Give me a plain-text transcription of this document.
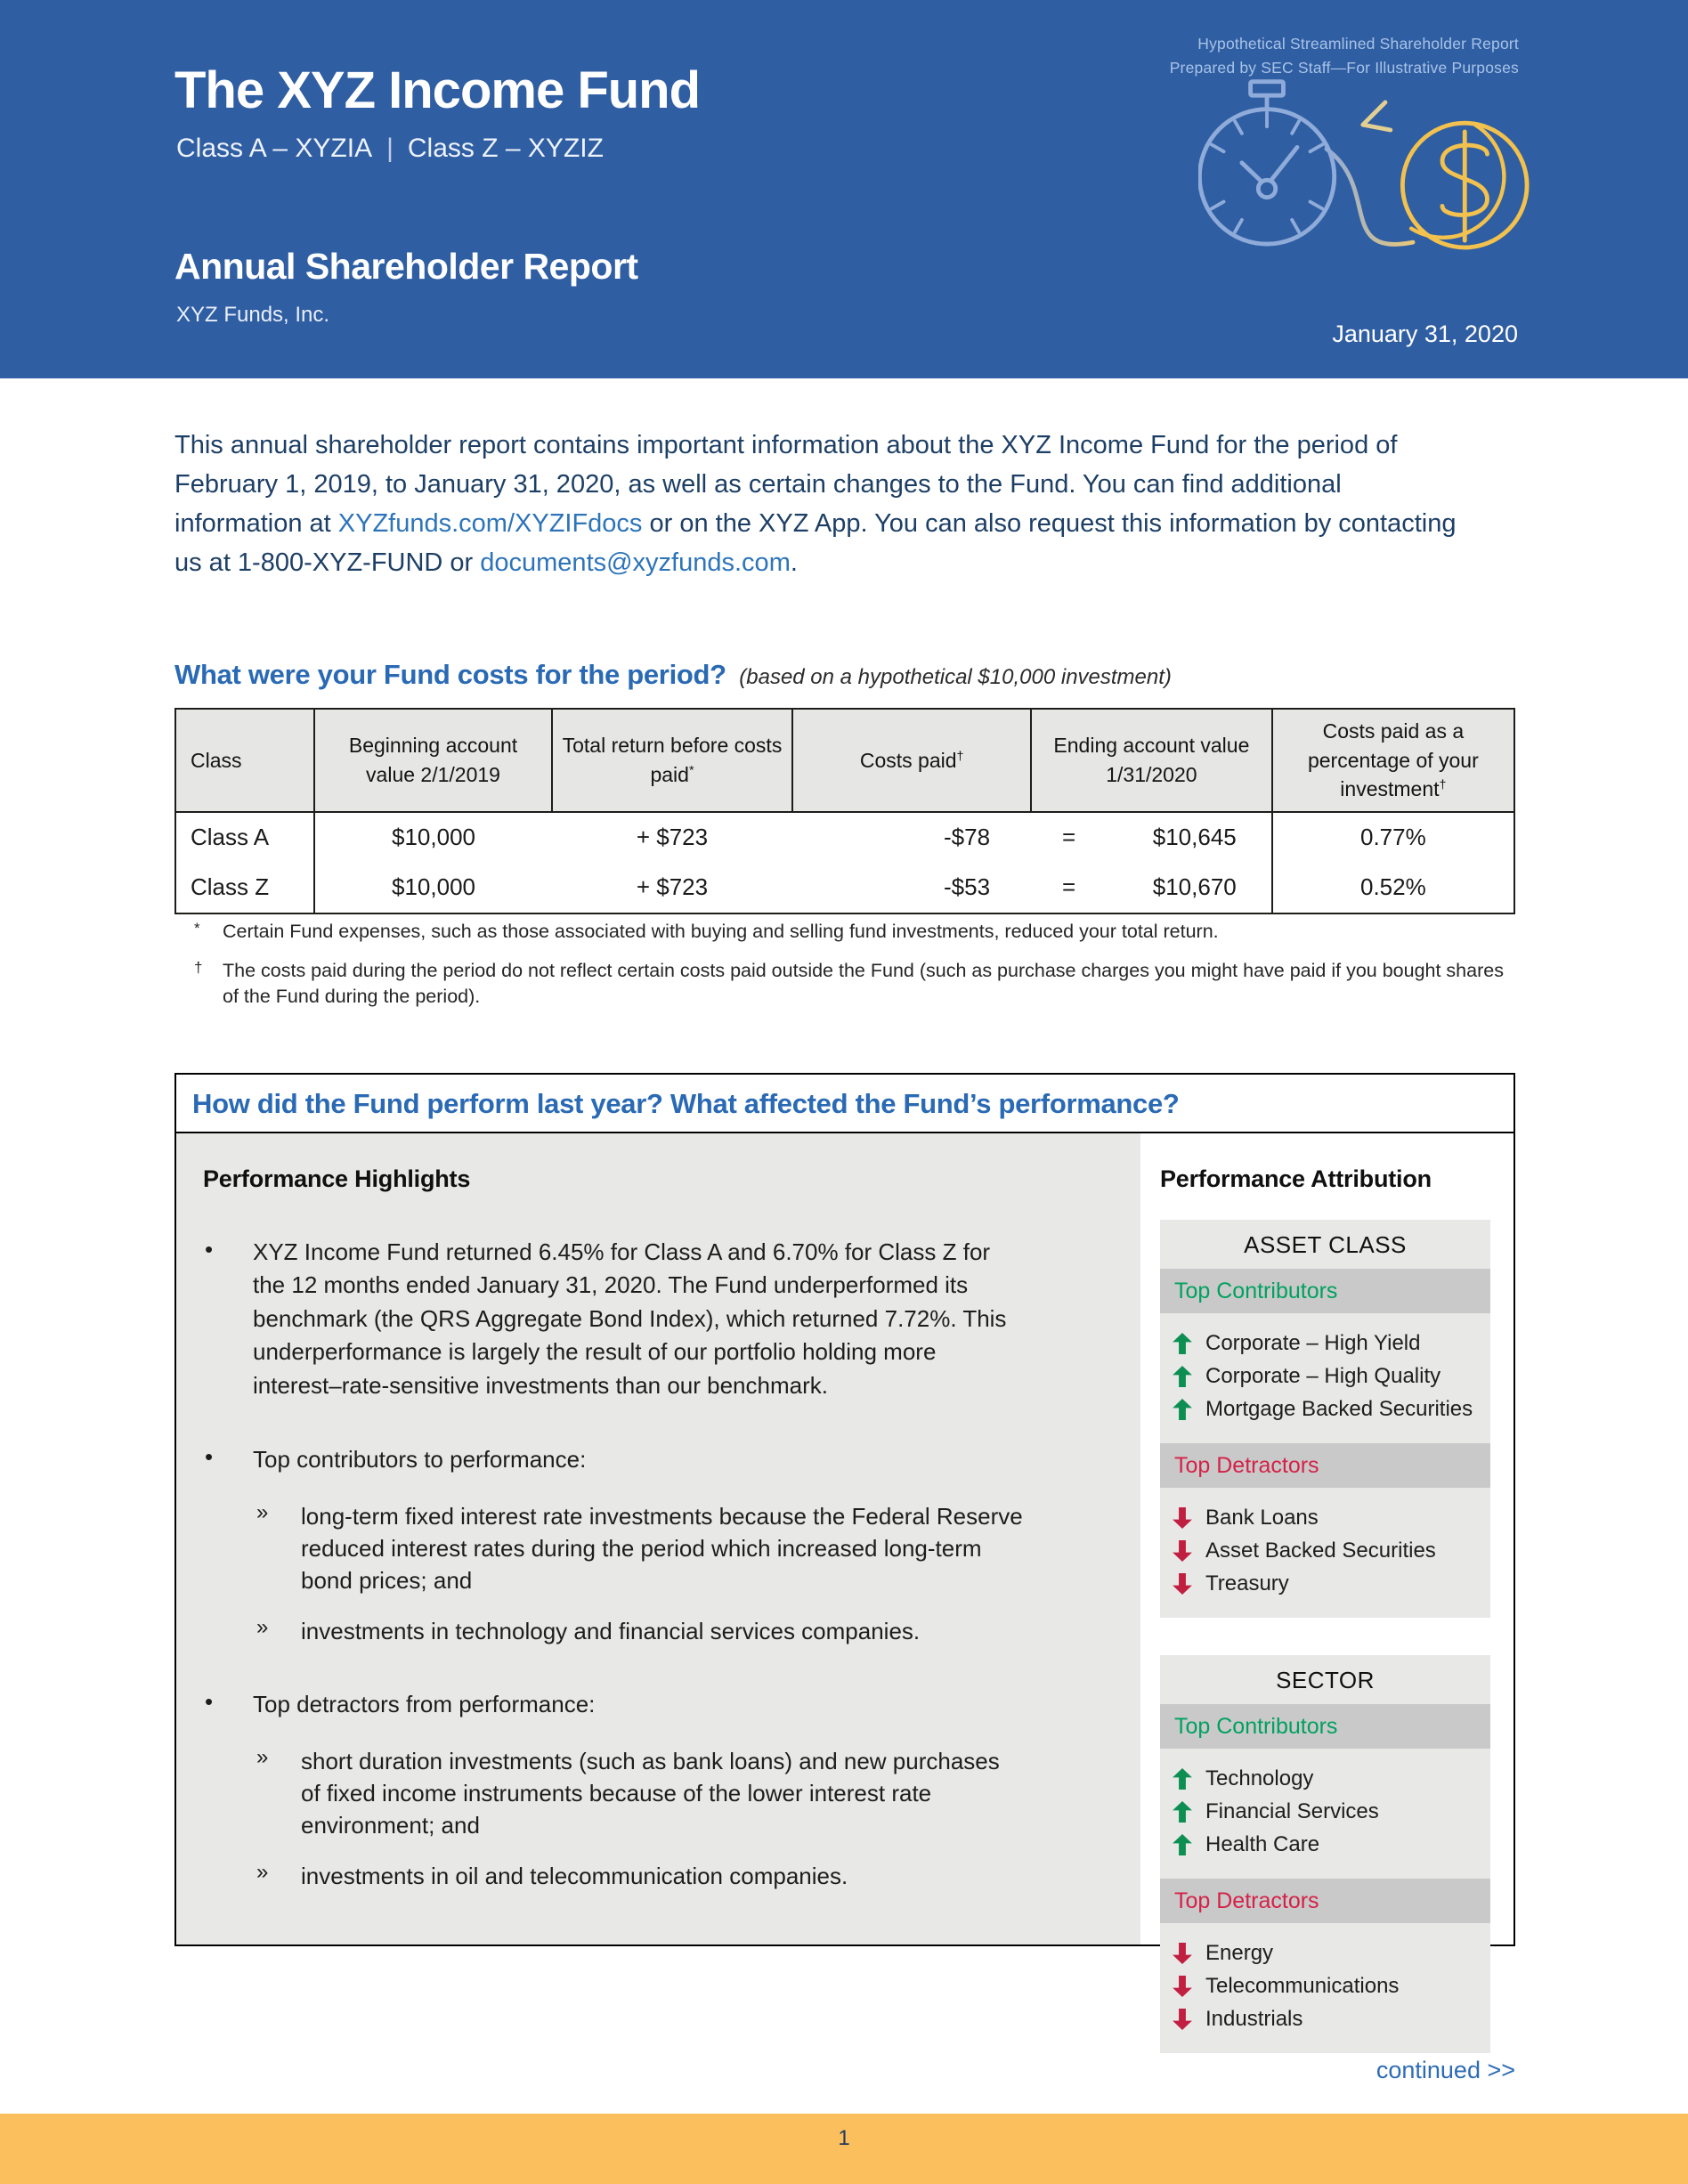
Hypothetical Streamlined Shareholder Report
Prepared by SEC Staff—For Illustrative Purposes
The XYZ Income Fund
Class A – XYZIA | Class Z – XYZIZ
Annual Shareholder Report
XYZ Funds, Inc.
January 31, 2020

This annual shareholder report contains important information about the XYZ Income Fund for the period of February 1, 2019, to January 31, 2020, as well as certain changes to the Fund. You can find additional information at XYZfunds.com/XYZIFdocs or on the XYZ App. You can also request this information by contacting us at 1-800-XYZ-FUND or documents@xyzfunds.com.

What were your Fund costs for the period? (based on a hypothetical $10,000 investment)
Class	Beginning account value 2/1/2019	Total return before costs paid*	Costs paid†	Ending account value 1/31/2020	Costs paid as a percentage of your investment†
Class A	$10,000	+ $723	-$78	= $10,645	0.77%
Class Z	$10,000	+ $723	-$53	= $10,670	0.52%
*	Certain Fund expenses, such as those associated with buying and selling fund investments, reduced your total return.
†	The costs paid during the period do not reflect certain costs paid outside the Fund (such as purchase charges you might have paid if you bought shares of the Fund during the period).
How did the Fund perform last year? What affected the Fund’s performance?
Performance Highlights
•
XYZ Income Fund returned 6.45% for Class A and 6.70% for Class Z for the 12 months ended January 31, 2020. The Fund underperformed its benchmark (the QRS Aggregate Bond Index), which returned 7.72%. This underperformance is largely the result of our portfolio holding more interest–rate-sensitive investments than our benchmark.
•
Top contributors to performance:
»
long-term fixed interest rate investments because the Federal Reserve reduced interest rates during the period which increased long-term bond prices; and
»
investments in technology and financial services companies.
•
Top detractors from performance:
»
short duration investments (such as bank loans) and new purchases of fixed income instruments because of the lower interest rate environment; and
»
investments in oil and telecommunication companies.
Performance Attribution
ASSET CLASS
Top Contributors
Corporate – High Yield
Corporate – High Quality
Mortgage Backed Securities
Top Detractors
Bank Loans
Asset Backed Securities
Treasury
SECTOR
Top Contributors
Technology
Financial Services
Health Care
Top Detractors
Energy
Telecommunications
Industrials
continued >>
1
